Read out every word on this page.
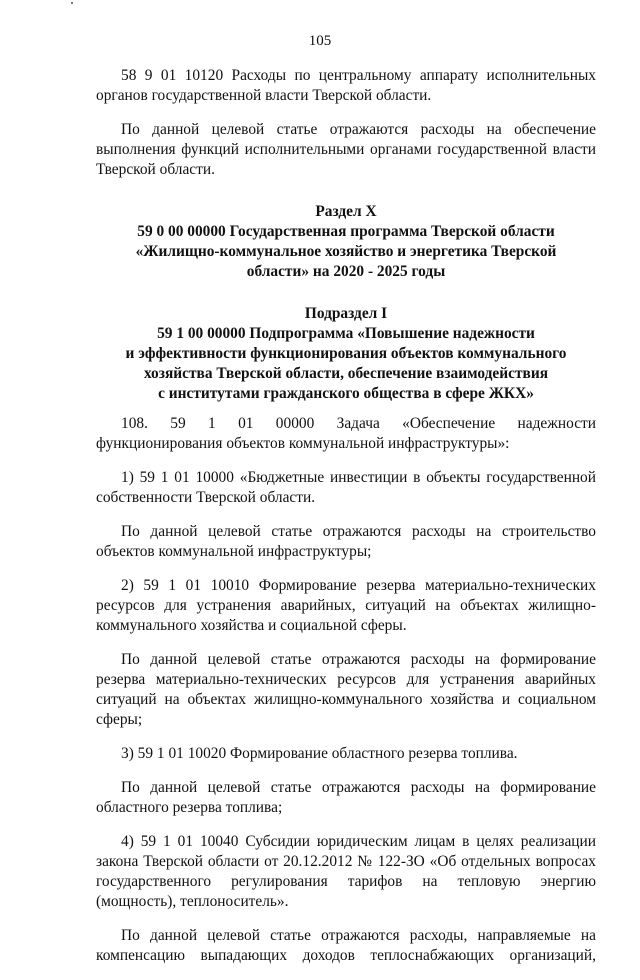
105

58 9 01 10120 Расходы по центральному аппарату исполнительных органов государственной власти Тверской области.

По данной целевой статье отражаются расходы на обеспечение выполнения функций исполнительными органами государственной власти Тверской области.

Раздел X

59 0 00 00000 Государственная программа Тверской области

«Жилищно-коммунальное хозяйство и энергетика Тверской

области» на 2020 - 2025 годы

Подраздел I

59 1 00 00000 Подпрограмма «Повышение надежности

и эффективности функционирования объектов коммунального

хозяйства Тверской области, обеспечение взаимодействия

с институтами гражданского общества в сфере ЖКХ»

108. 59 1 01 00000 Задача «Обеспечение надежности функционирования объектов коммунальной инфраструктуры»:

1) 59 1 01 10000 «Бюджетные инвестиции в объекты государственной собственности Тверской области.

По данной целевой статье отражаются расходы на строительство объектов коммунальной инфраструктуры;

2) 59 1 01 10010 Формирование резерва материально-технических ресурсов для устранения аварийных, ситуаций на объектах жилищно-коммунального хозяйства и социальной сферы.

По данной целевой статье отражаются расходы на формирование резерва материально-технических ресурсов для устранения аварийных ситуаций на объектах жилищно-коммунального хозяйства и социальном сферы;

3) 59 1 01 10020 Формирование областного резерва топлива.

По данной целевой статье отражаются расходы на формирование областного резерва топлива;

4) 59 1 01 10040 Субсидии юридическим лицам в целях реализации закона Тверской области от 20.12.2012 № 122-ЗО «Об отдельных вопросах государственного регулирования тарифов на тепловую энергию (мощность), теплоноситель».

По данной целевой статье отражаются расходы, направляемые на компенсацию выпадающих доходов теплоснабжающих организаций,
